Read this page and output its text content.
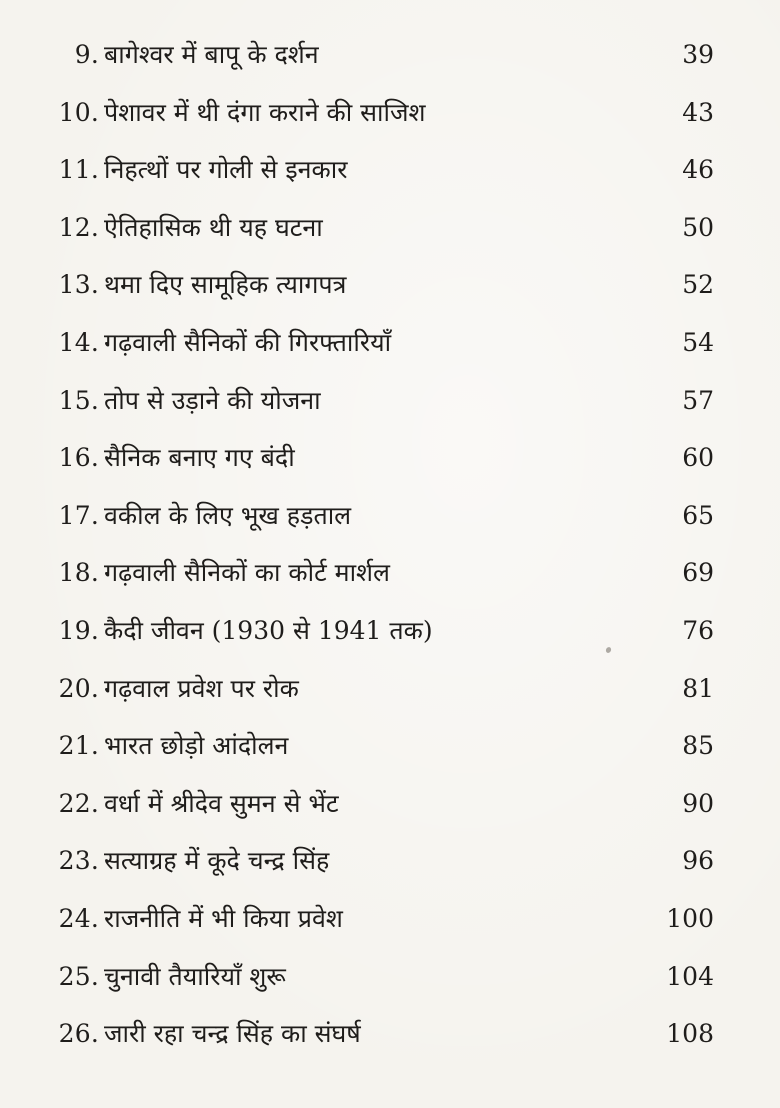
9. बागेश्वर में बापू के दर्शन	39
10. पेशावर में थी दंगा कराने की साजिश	43
11. निहत्थों पर गोली से इनकार	46
12. ऐतिहासिक थी यह घटना	50
13. थमा दिए सामूहिक त्यागपत्र	52
14. गढ़वाली सैनिकों की गिरफ्तारियाँ	54
15. तोप से उड़ाने की योजना	57
16. सैनिक बनाए गए बंदी	60
17. वकील के लिए भूख हड़ताल	65
18. गढ़वाली सैनिकों का कोर्ट मार्शल	69
19. कैदी जीवन (1930 से 1941 तक)	76
20. गढ़वाल प्रवेश पर रोक	81
21. भारत छोड़ो आंदोलन	85
22. वर्धा में श्रीदेव सुमन से भेंट	90
23. सत्याग्रह में कूदे चन्द्र सिंह	96
24. राजनीति में भी किया प्रवेश	100
25. चुनावी तैयारियाँ शुरू	104
26. जारी रहा चन्द्र सिंह का संघर्ष	108
